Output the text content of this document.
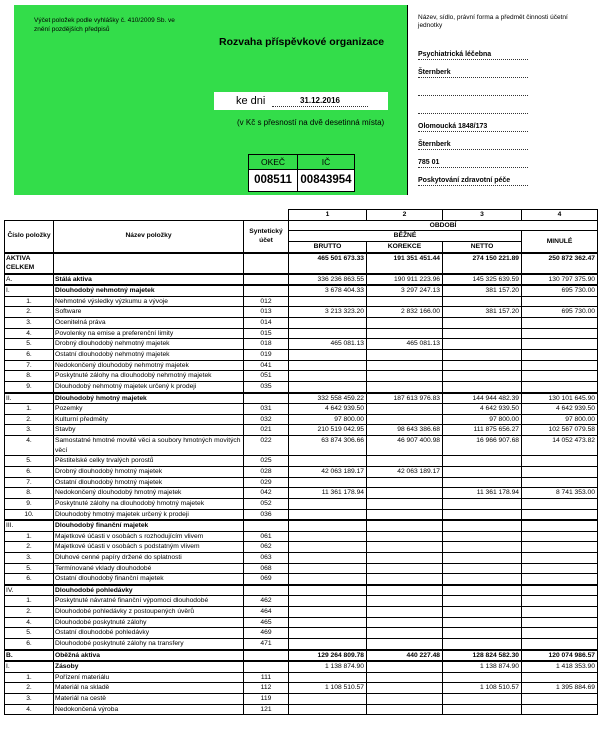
Výčet položek podle vyhlášky č. 410/2009 Sb. ve znění pozdějších předpisů
Rozvaha příspěvkové organizace
ke dni	31.12.2016
(v Kč s přesností na dvě desetinná místa)
OKEČ
008511
IČ
00843954
Název, sídlo, právní forma a předmět činnosti účetní jednotky
Psychiatrická léčebna
Šternberk
Olomoucká 1848/173
Šternberk
785 01
Poskytování zdravotní péče
			1	2	3	4
Číslo položky	Název položky	Syntetický účet	OBDOBÍ			
			BĚŽNÉ			MINULÉ
			BRUTTO	KOREKCE	NETTO	
AKTIVA CELKEM			465 501 673.33	191 351 451.44	274 150 221.89	250 872 362.47
A.	Stálá aktiva		336 236 863.55	190 911 223.96	145 325 639.59	130 797 375.90
I.	Dlouhodobý nehmotný majetek		3 678 404.33	3 297 247.13	381 157.20	695 730.00
1.	Nehmotné výsledky výzkumu a vývoje	012				
2.	Software	013	3 213 323.20	2 832 166.00	381 157.20	695 730.00
3.	Ocenitelná práva	014				
4.	Povolenky na emise a preferenční limity	015				
5.	Drobný dlouhodobý nehmotný majetek	018	465 081.13	465 081.13		
6.	Ostatní dlouhodobý nehmotný majetek	019				
7.	Nedokončený dlouhodobý nehmotný majetek	041				
8.	Poskytnuté zálohy na dlouhodobý nehmotný majetek	051				
9.	Dlouhodobý nehmotný majetek určený k prodeji	035				
II.	Dlouhodobý hmotný majetek		332 558 459.22	187 613 976.83	144 944 482.39	130 101 645.90
1.	Pozemky	031	4 642 939.50		4 642 939.50	4 642 939.50
2.	Kulturní předměty	032	97 800.00		97 800.00	97 800.00
3.	Stavby	021	210 519 042.95	98 643 386.68	111 875 656.27	102 567 079.58
4.	Samostatné hmotné movité věci a soubory hmotných movitých věcí	022	63 874 306.66	46 907 400.98	16 966 907.68	14 052 473.82
5.	Pěstitelské celky trvalých porostů	025				
6.	Drobný dlouhodobý hmotný majetek	028	42 063 189.17	42 063 189.17		
7.	Ostatní dlouhodobý hmotný majetek	029				
8.	Nedokončený dlouhodobý hmotný majetek	042	11 361 178.94		11 361 178.94	8 741 353.00
9.	Poskytnuté zálohy na dlouhodobý hmotný majetek	052				
10.	Dlouhodobý hmotný majetek určený k prodeji	036				
III.	Dlouhodobý finanční majetek					
1.	Majetkové účasti v osobách s rozhodujícím vlivem	061				
2.	Majetkové účasti v osobách s podstatným vlivem	062				
3.	Dluhové cenné papíry držené do splatnosti	063				
5.	Termínované vklady dlouhodobé	068				
6.	Ostatní dlouhodobý finanční majetek	069				
IV.	Dlouhodobé pohledávky					
1.	Poskytnuté návratné finanční výpomoci dlouhodobé	462				
2.	Dlouhodobé pohledávky z postoupených úvěrů	464				
4.	Dlouhodobé poskytnuté zálohy	465				
5.	Ostatní dlouhodobé pohledávky	469				
6.	Dlouhodobé poskytnuté zálohy na transfery	471				
B.	Oběžná aktiva		129 264 809.78	440 227.48	128 824 582.30	120 074 986.57
I.	Zásoby		1 138 874.90		1 138 874.90	1 418 353.90
1.	Pořízení materiálu	111				
2.	Materiál na skladě	112	1 108 510.57		1 108 510.57	1 395 884.69
3.	Materiál na cestě	119				
4.	Nedokončená výroba	121				
